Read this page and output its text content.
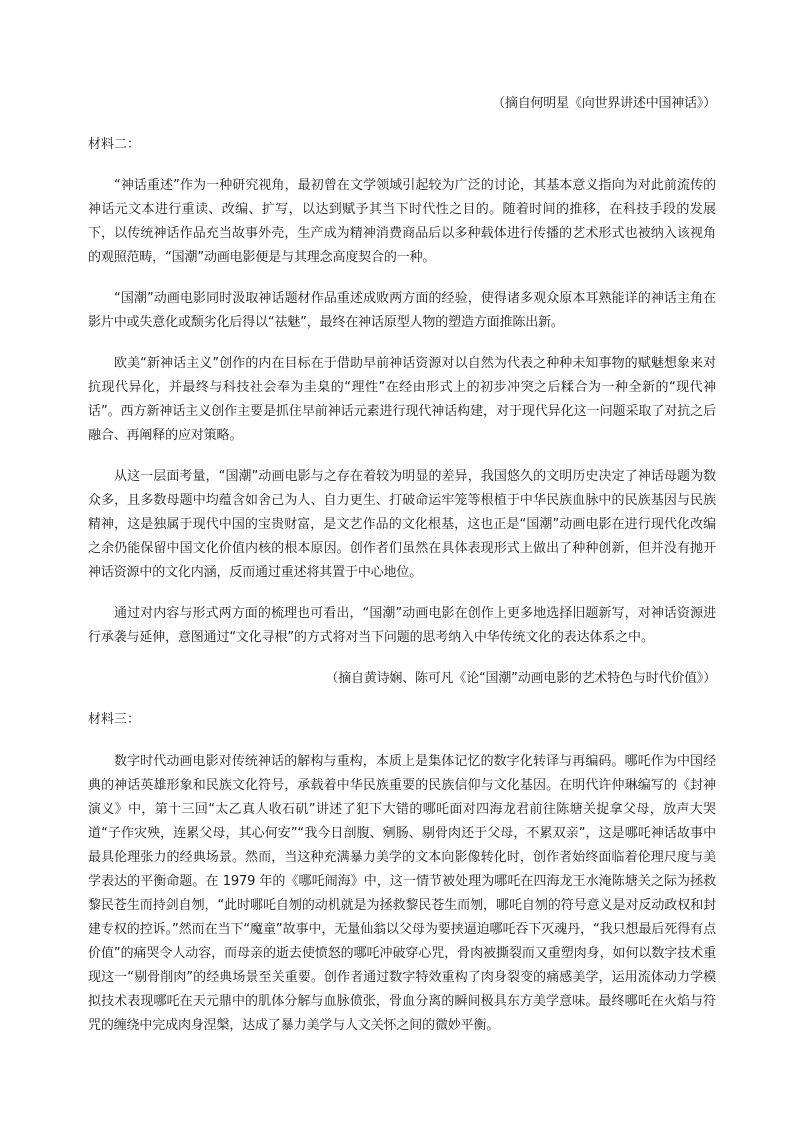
（摘自何明星《向世界讲述中国神话》）

材料二：

“神话重述”作为一种研究视角，最初曾在文学领域引起较为广泛的讨论，其基本意义指向为对此前流传的神话元文本进行重读、改编、扩写，以达到赋予其当下时代性之目的。随着时间的推移，在科技手段的发展下，以传统神话作品充当故事外壳，生产成为精神消费商品后以多种载体进行传播的艺术形式也被纳入该视角的观照范畴，“国潮”动画电影便是与其理念高度契合的一种。

“国潮”动画电影同时汲取神话题材作品重述成败两方面的经验，使得诸多观众原本耳熟能详的神话主角在影片中或失意化或颓劣化后得以“祛魅”，最终在神话原型人物的塑造方面推陈出新。

欧美“新神话主义”创作的内在目标在于借助早前神话资源对以自然为代表之种种未知事物的赋魅想象来对抗现代异化，并最终与科技社会奉为圭臬的“理性”在经由形式上的初步冲突之后糅合为一种全新的“现代神话”。西方新神话主义创作主要是抓住早前神话元素进行现代神话构建，对于现代异化这一问题采取了对抗之后融合、再阐释的应对策略。

从这一层面考量，“国潮”动画电影与之存在着较为明显的差异，我国悠久的文明历史决定了神话母题为数众多，且多数母题中均蕴含如舍己为人、自力更生、打破命运牢笼等根植于中华民族血脉中的民族基因与民族精神，这是独属于现代中国的宝贵财富，是文艺作品的文化根基，这也正是“国潮”动画电影在进行现代化改编之余仍能保留中国文化价值内核的根本原因。创作者们虽然在具体表现形式上做出了种种创新，但并没有抛开神话资源中的文化内涵，反而通过重述将其置于中心地位。

通过对内容与形式两方面的梳理也可看出，“国潮”动画电影在创作上更多地选择旧题新写，对神话资源进行承袭与延伸，意图通过“文化寻根”的方式将对当下问题的思考纳入中华传统文化的表达体系之中。

（摘自黄诗娴、陈可凡《论“国潮”动画电影的艺术特色与时代价值》）

材料三：

数字时代动画电影对传统神话的解构与重构，本质上是集体记忆的数字化转译与再编码。哪吒作为中国经典的神话英雄形象和民族文化符号，承载着中华民族重要的民族信仰与文化基因。在明代许仲琳编写的《封神演义》中，第十三回“太乙真人收石矶”讲述了犯下大错的哪吒面对四海龙君前往陈塘关捉拿父母，放声大哭道“子作灾殃，连累父母，其心何安”“我今日剖腹、剜肠、剔骨肉还于父母，不累双亲”，这是哪吒神话故事中最具伦理张力的经典场景。然而，当这种充满暴力美学的文本向影像转化时，创作者始终面临着伦理尺度与美学表达的平衡命题。在 1979 年的《哪吒闹海》中，这一情节被处理为哪吒在四海龙王水淹陈塘关之际为拯救黎民苍生而持剑自刎，“此时哪吒自刎的动机就是为拯救黎民苍生而刎，哪吒自刎的符号意义是对反动政权和封建专权的控诉。”然而在当下“魔童”故事中，无量仙翁以父母为要挟逼迫哪吒吞下灭魂丹，“我只想最后死得有点价值”的痛哭令人动容，而母亲的逝去使愤怒的哪吒冲破穿心咒，骨肉被撕裂而又重塑肉身，如何以数字技术重现这一“剔骨削肉”的经典场景至关重要。创作者通过数字特效重构了肉身裂变的痛感美学，运用流体动力学模拟技术表现哪吒在天元鼎中的肌体分解与血脉偾张，骨血分离的瞬间极具东方美学意味。最终哪吒在火焰与符咒的缠绕中完成肉身涅槃，达成了暴力美学与人文关怀之间的微妙平衡。
